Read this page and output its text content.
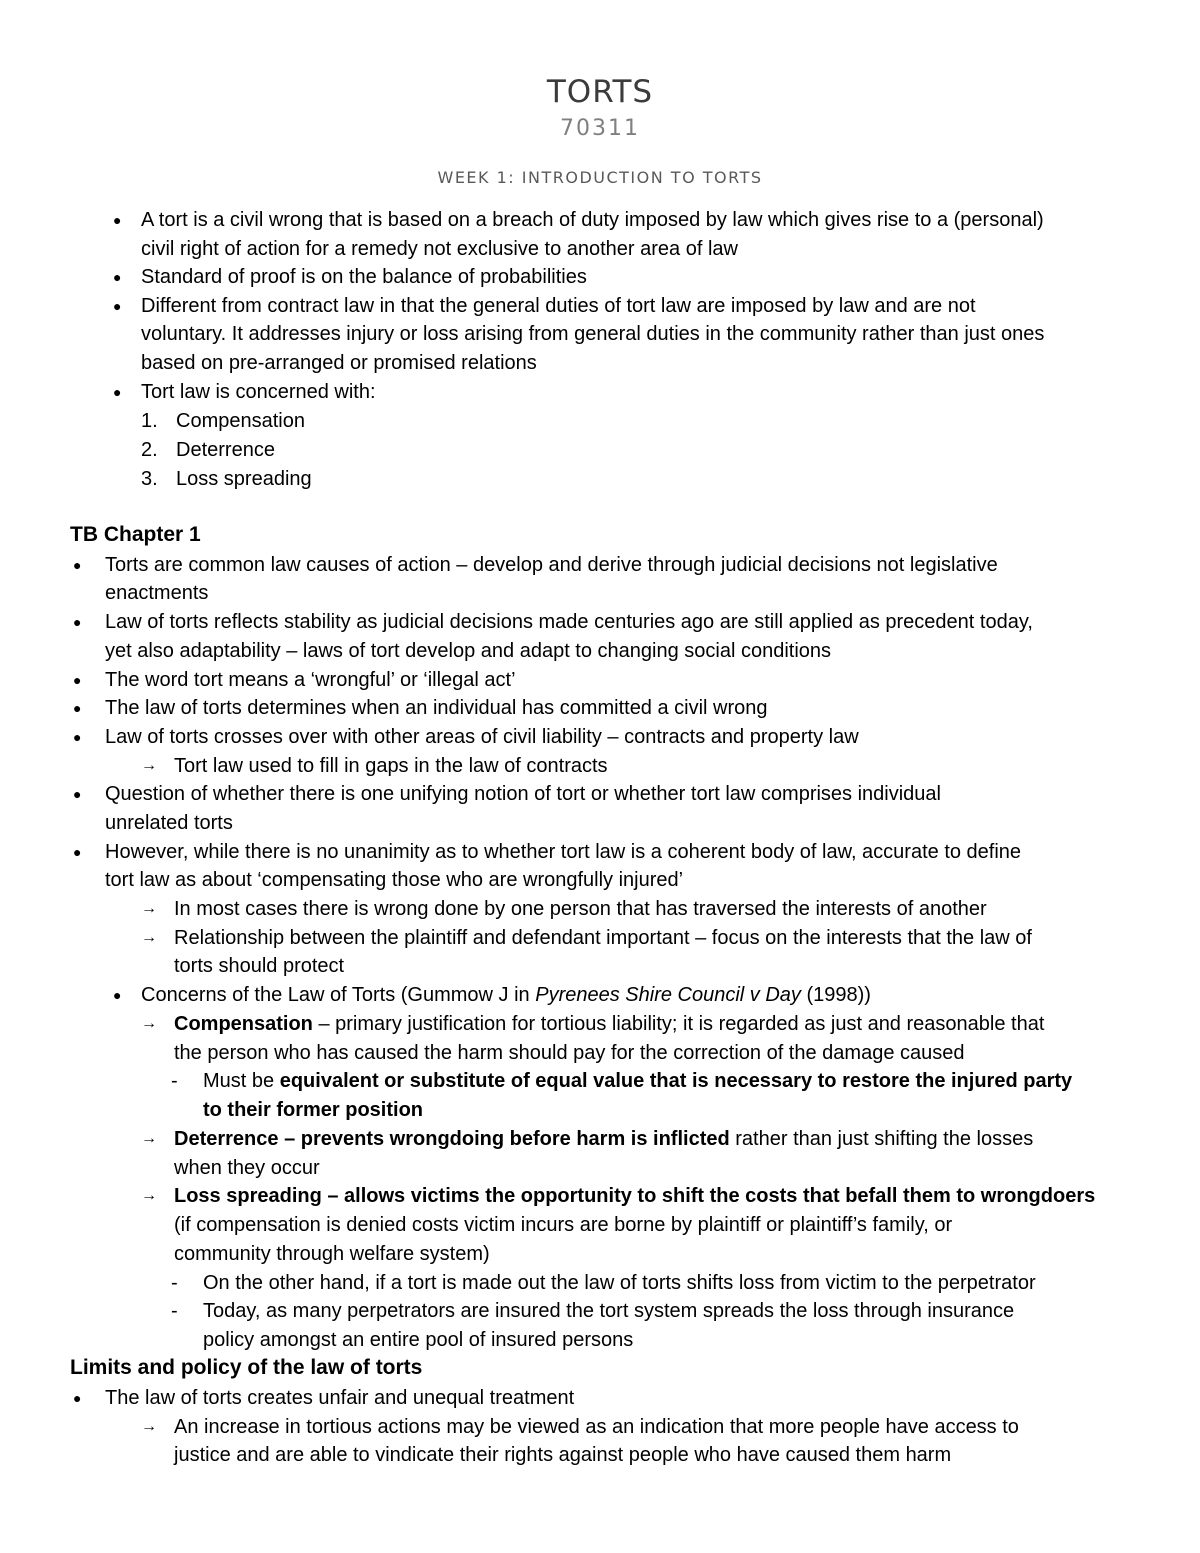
TORTS
70311
WEEK 1: INTRODUCTION TO TORTS
● A tort is a civil wrong that is based on a breach of duty imposed by law which gives rise to a (personal)
civil right of action for a remedy not exclusive to another area of law
● Standard of proof is on the balance of probabilities
● Different from contract law in that the general duties of tort law are imposed by law and are not
voluntary. It addresses injury or loss arising from general duties in the community rather than just ones
based on pre-arranged or promised relations
● Tort law is concerned with:
1. Compensation
2. Deterrence
3. Loss spreading
TB Chapter 1
● Torts are common law causes of action – develop and derive through judicial decisions not legislative
enactments
● Law of torts reflects stability as judicial decisions made centuries ago are still applied as precedent today,
yet also adaptability – laws of tort develop and adapt to changing social conditions
● The word tort means a ‘wrongful’ or ‘illegal act’
● The law of torts determines when an individual has committed a civil wrong
● Law of torts crosses over with other areas of civil liability – contracts and property law
→ Tort law used to fill in gaps in the law of contracts
● Question of whether there is one unifying notion of tort or whether tort law comprises individual
unrelated torts
● However, while there is no unanimity as to whether tort law is a coherent body of law, accurate to define
tort law as about ‘compensating those who are wrongfully injured’
→ In most cases there is wrong done by one person that has traversed the interests of another
→ Relationship between the plaintiff and defendant important – focus on the interests that the law of
torts should protect
● Concerns of the Law of Torts (Gummow J in Pyrenees Shire Council v Day (1998))
→ Compensation – primary justification for tortious liability; it is regarded as just and reasonable that
the person who has caused the harm should pay for the correction of the damage caused
- Must be equivalent or substitute of equal value that is necessary to restore the injured party
to their former position
→ Deterrence – prevents wrongdoing before harm is inflicted rather than just shifting the losses
when they occur
→ Loss spreading – allows victims the opportunity to shift the costs that befall them to wrongdoers
(if compensation is denied costs victim incurs are borne by plaintiff or plaintiff’s family, or
community through welfare system)
- On the other hand, if a tort is made out the law of torts shifts loss from victim to the perpetrator
- Today, as many perpetrators are insured the tort system spreads the loss through insurance
policy amongst an entire pool of insured persons
Limits and policy of the law of torts
● The law of torts creates unfair and unequal treatment
→ An increase in tortious actions may be viewed as an indication that more people have access to
justice and are able to vindicate their rights against people who have caused them harm
